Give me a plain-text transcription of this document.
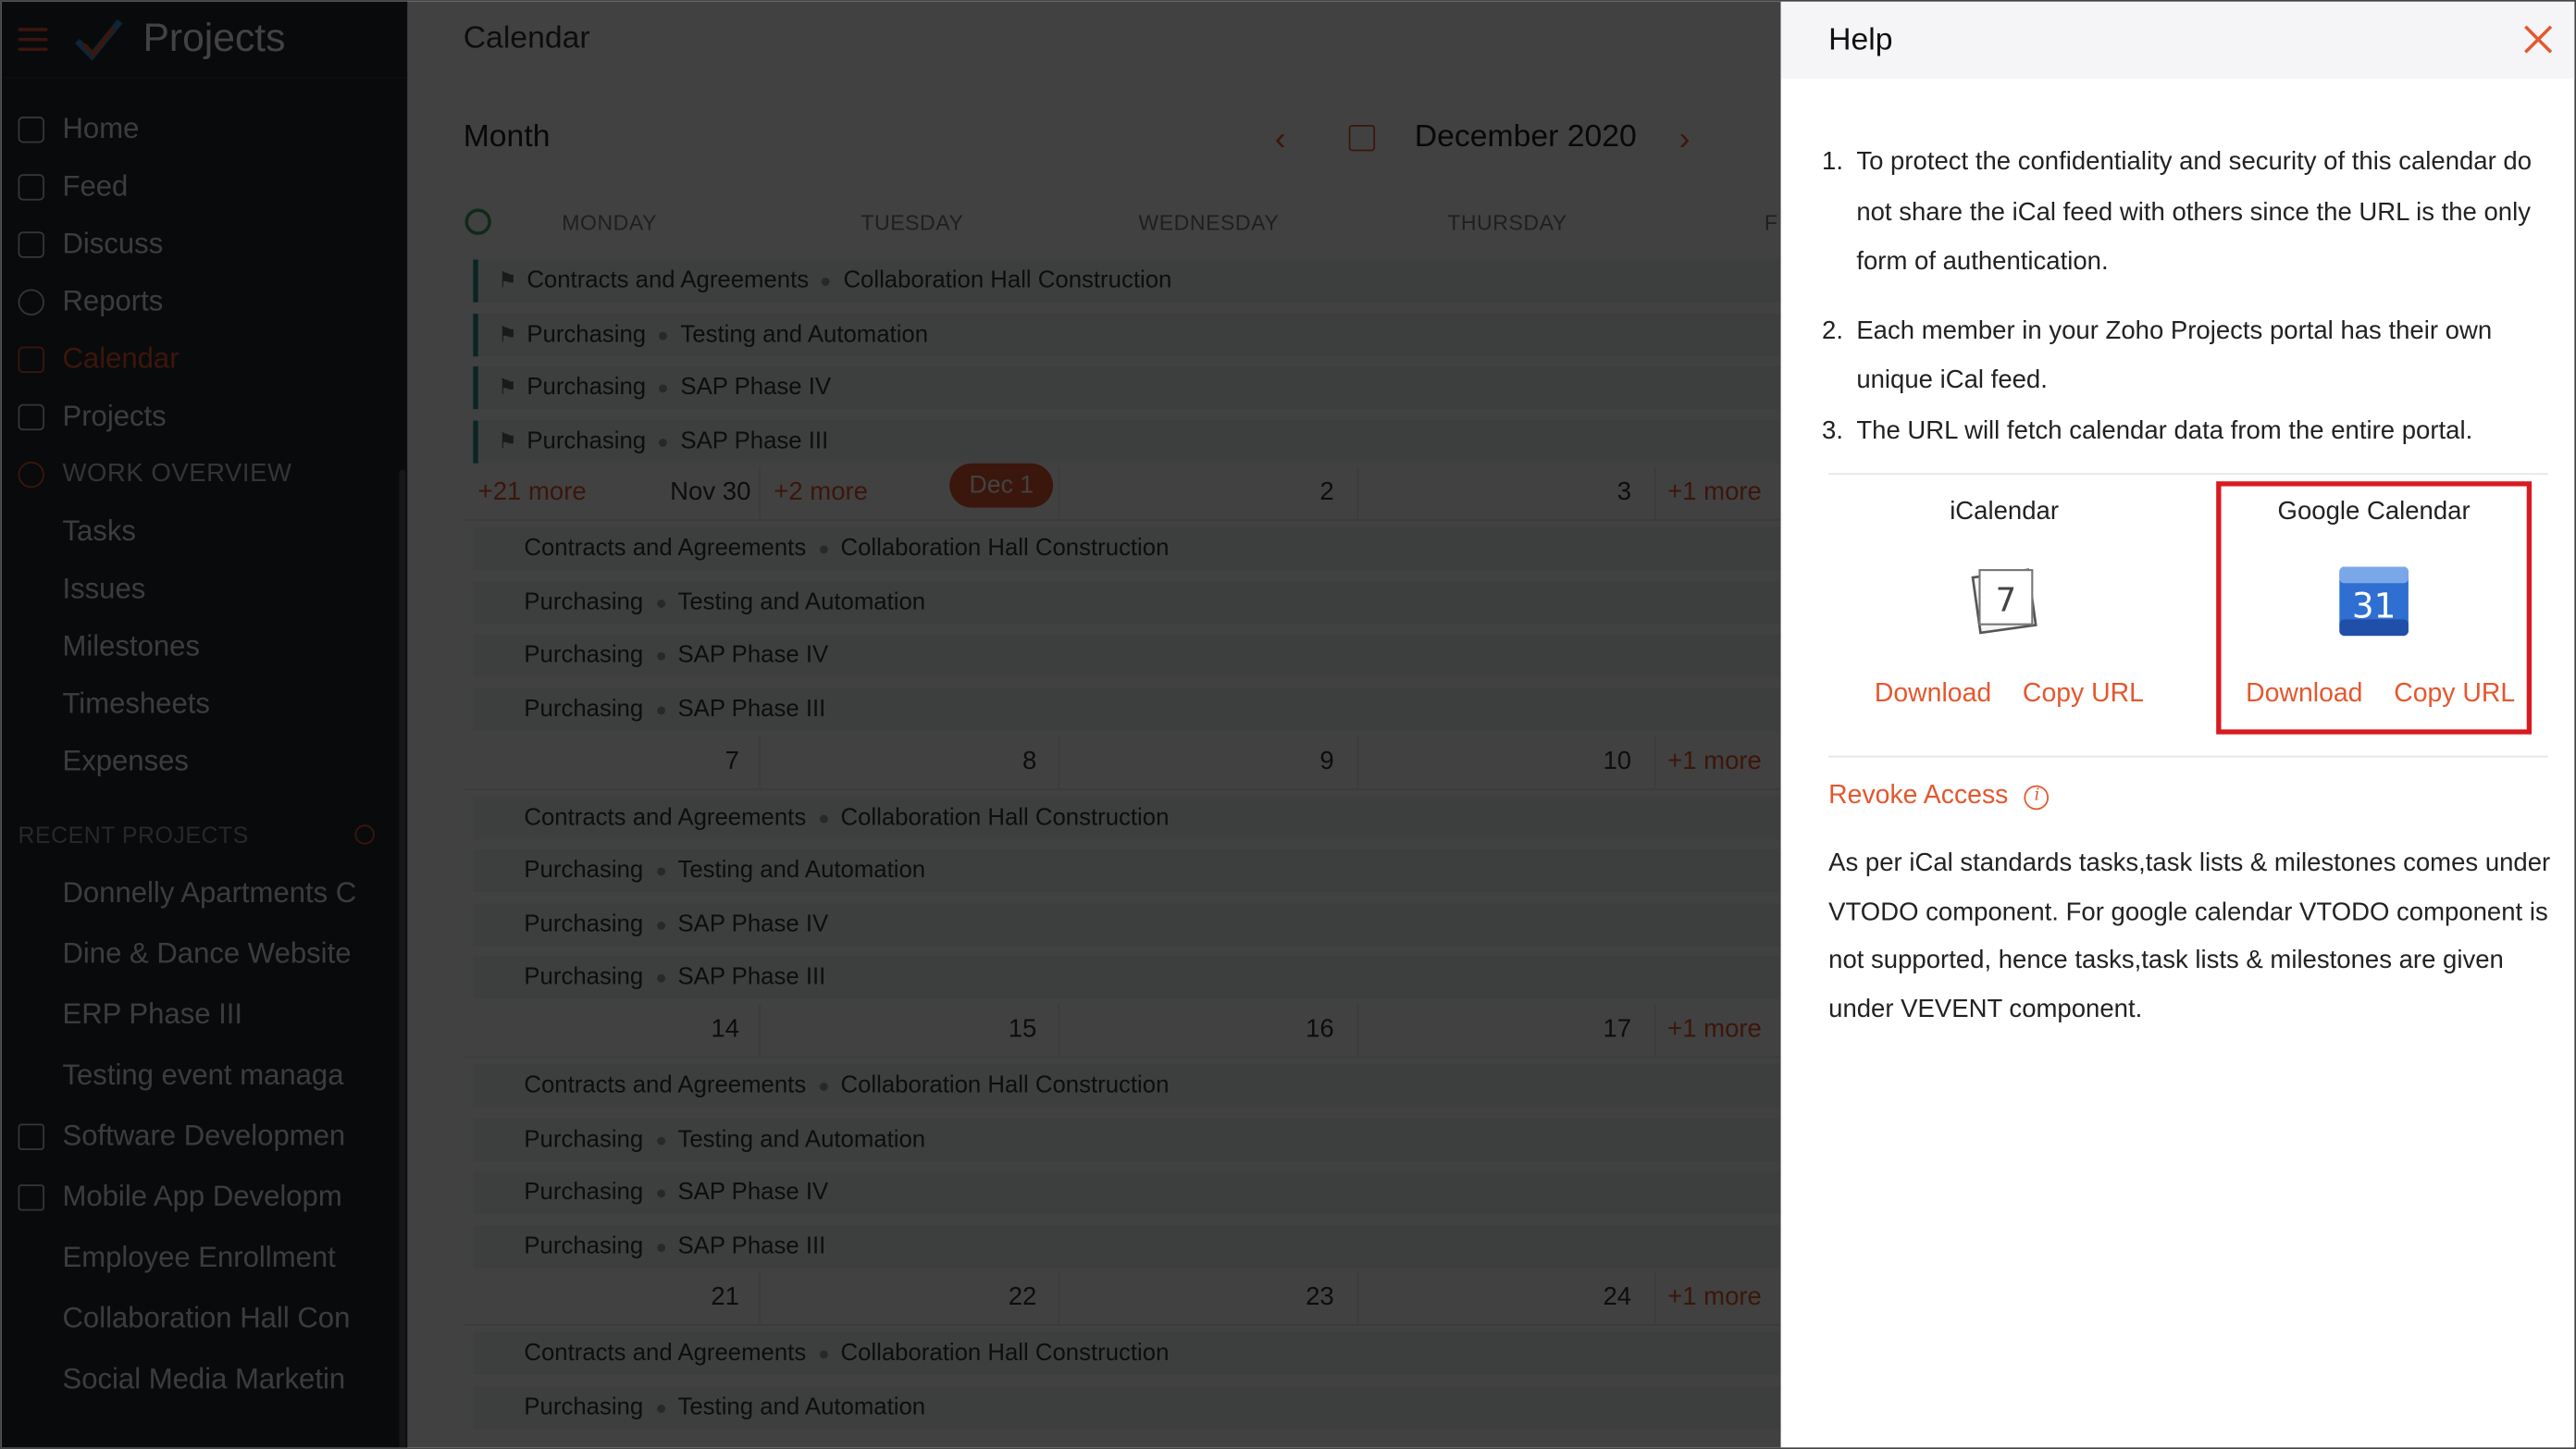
Help
1. To protect the confidentiality and security of this calendar do not share the iCal feed with others since the URL is the only form of authentication.
2. Each member in your Zoho Projects portal has their own unique iCal feed.
3. The URL will fetch calendar data from the entire portal.
iCalendar
7
Download Copy URL
Google Calendar
31
Download Copy URL
Revoke Access	i
As per iCal standards tasks,task lists & milestones comes under VTODO component. For google calendar VTODO component is not supported, hence tasks,task lists & milestones are given under VEVENT component.
